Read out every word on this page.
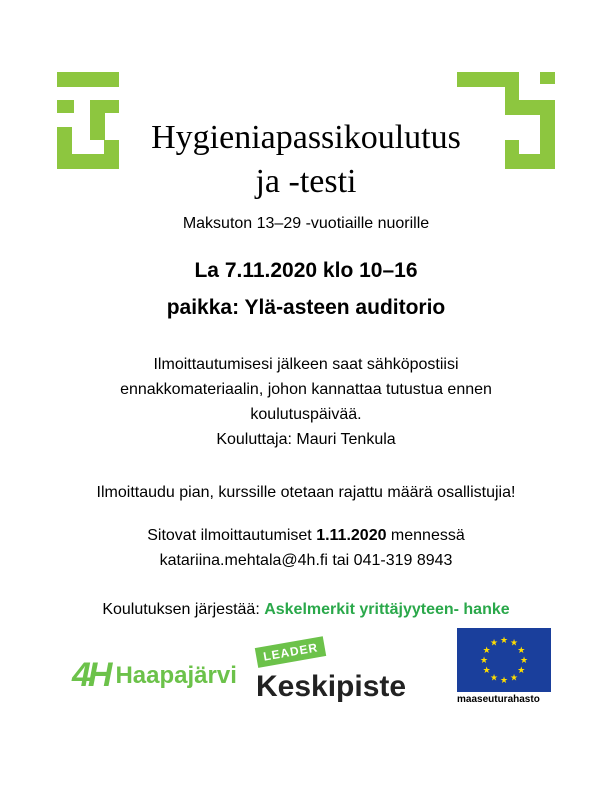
Hygieniapassikoulutus
ja -testi
Maksuton 13–29 -vuotiaille nuorille
La 7.11.2020 klo 10–16
paikka: Ylä-asteen auditorio
Ilmoittautumisesi jälkeen saat sähköpostiisi
ennakkomateriaalin, johon kannattaa tutustua ennen
koulutuspäivää.
Kouluttaja: Mauri Tenkula
Ilmoittaudu pian, kurssille otetaan rajattu määrä osallistujia!
Sitovat ilmoittautumiset 1.11.2020 mennessä
katariina.mehtala@4h.fi tai 041-319 8943
Koulutuksen järjestää: Askelmerkit yrittäjyyteen- hanke
4H Haapajärvi
LEADER
Keskipiste
★ ★
★
★
★
★
★
★
★
★
★
★
maaseuturahasto
